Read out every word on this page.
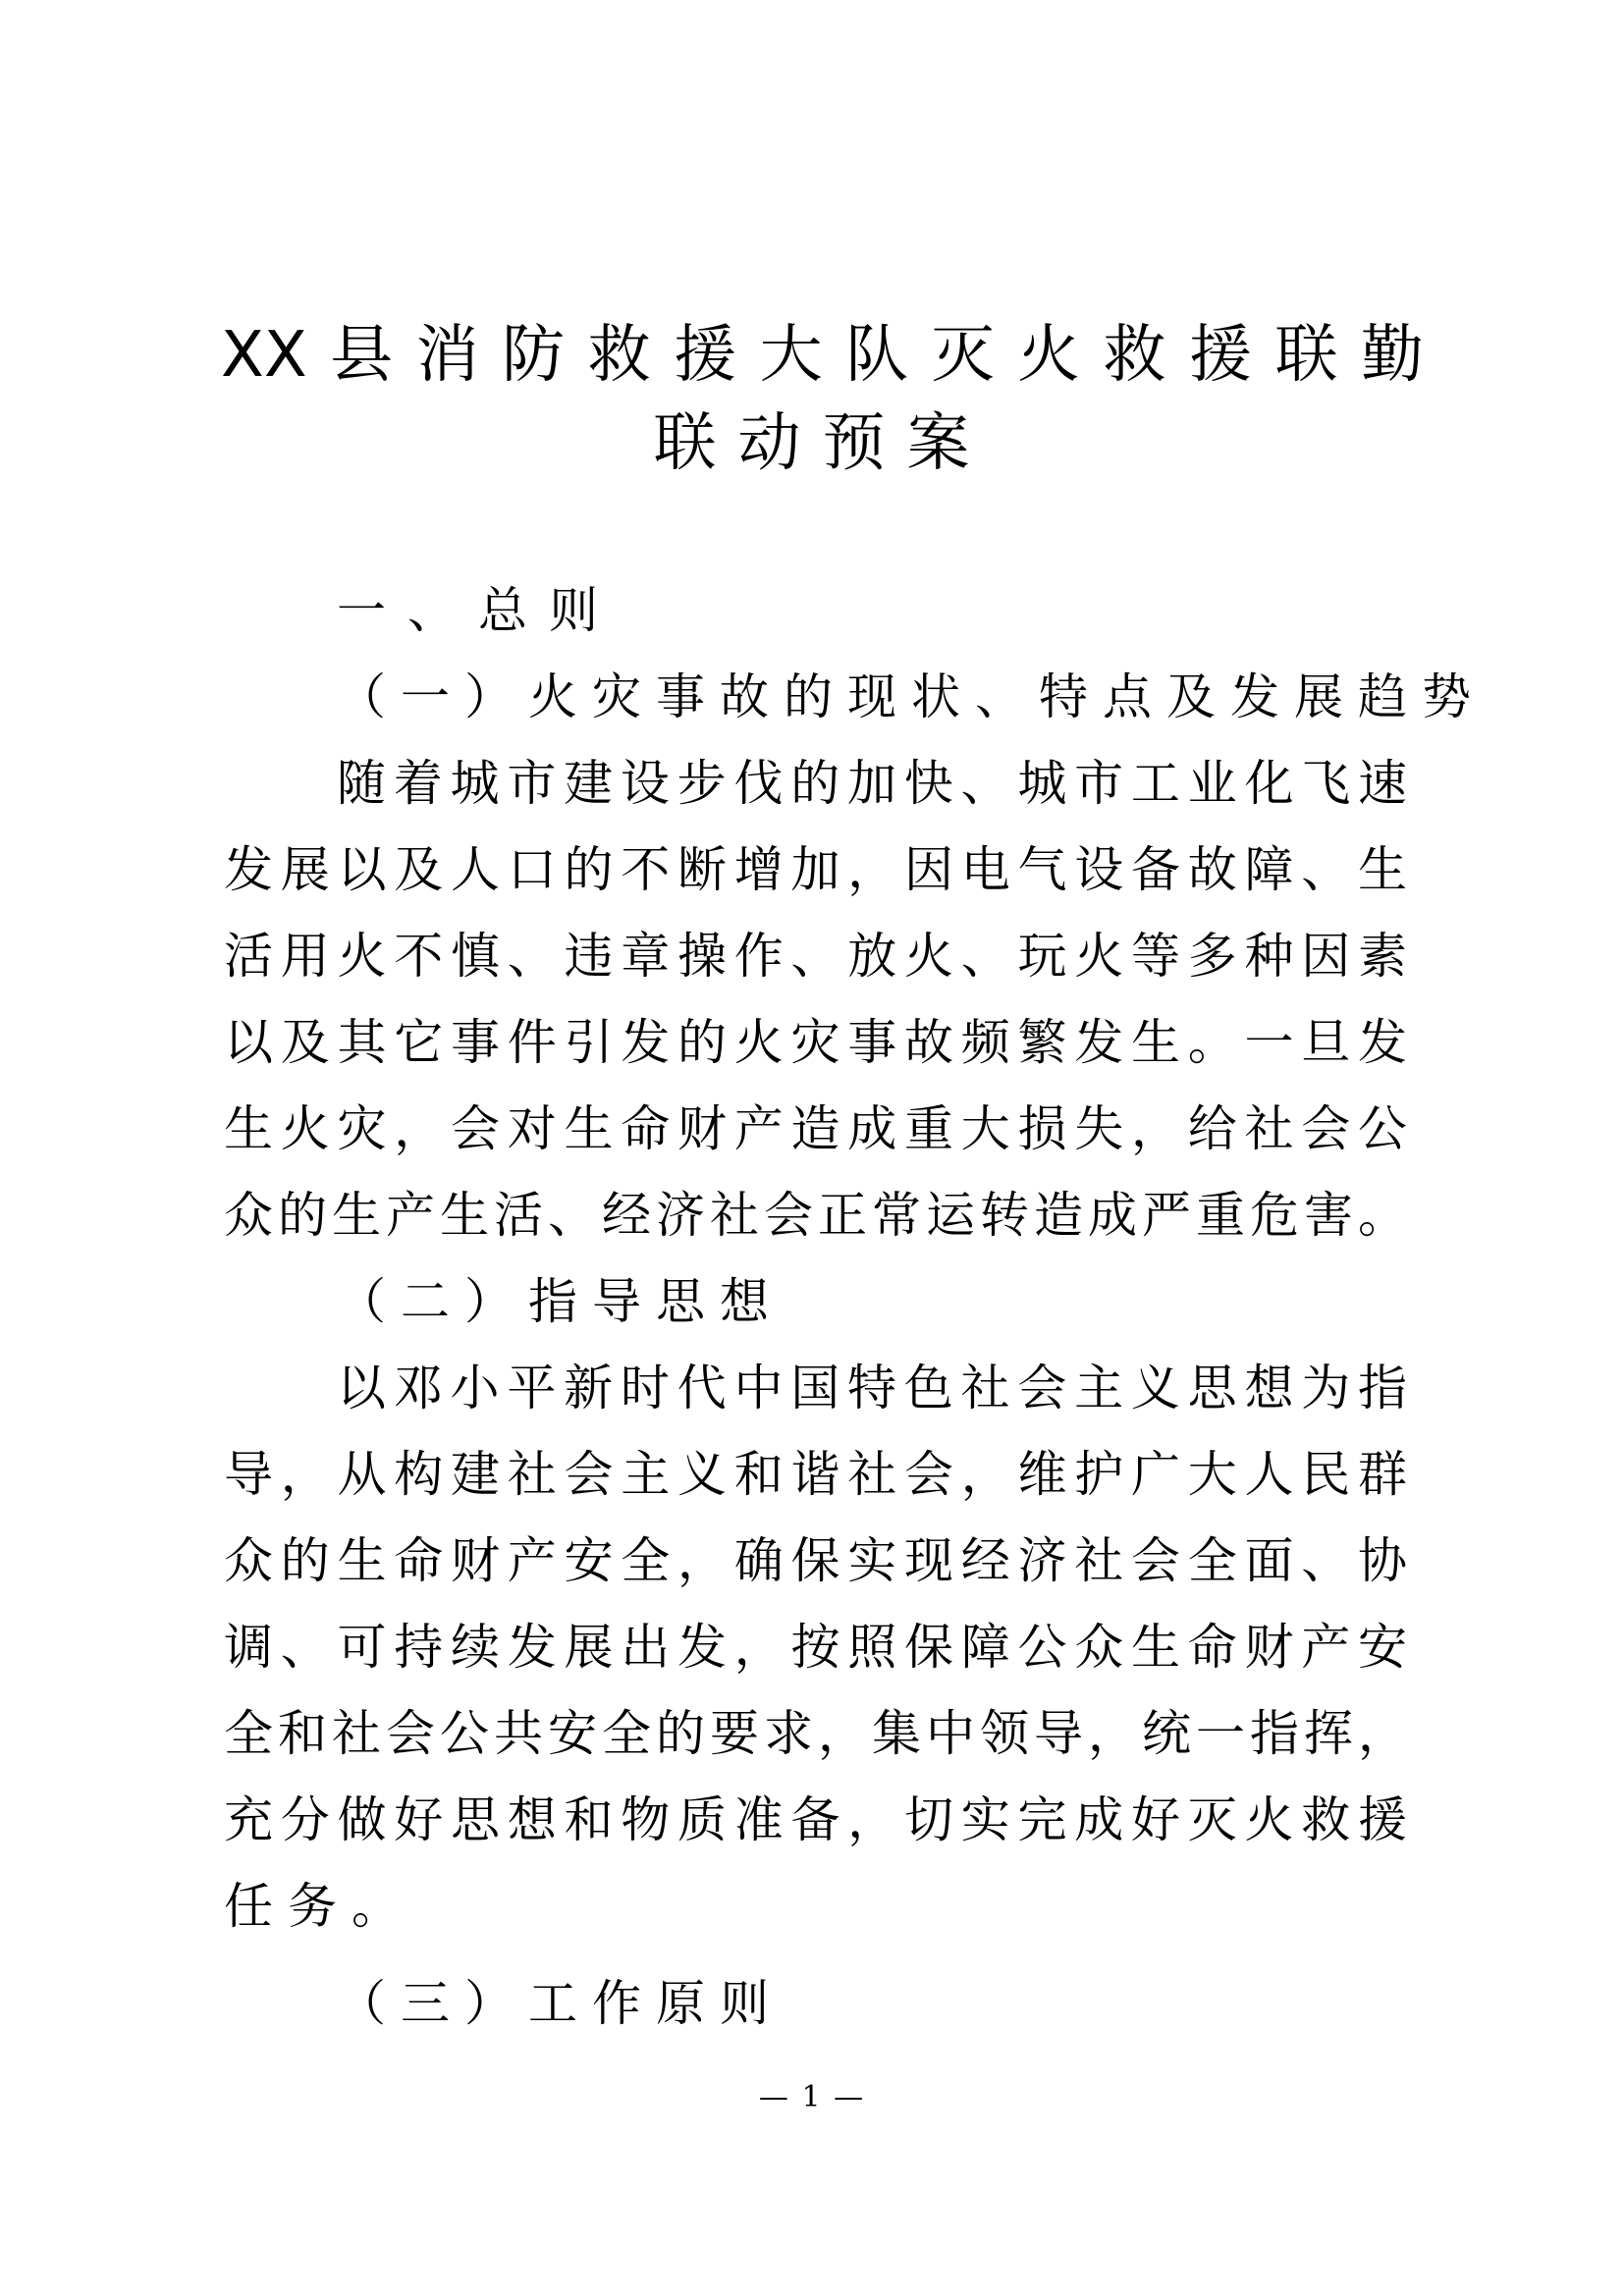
XX县消防救援大队灭火救援联勤
联动预案

一、总则

（一）火灾事故的现状、特点及发展趋势

随着城市建设步伐的加快、城市工业化飞速

发展以及人口的不断增加，因电气设备故障、生

活用火不慎、违章操作、放火、玩火等多种因素

以及其它事件引发的火灾事故频繁发生。一旦发

生火灾，会对生命财产造成重大损失，给社会公

众的生产生活、经济社会正常运转造成严重危害。

（二）指导思想

以邓小平新时代中国特色社会主义思想为指

导，从构建社会主义和谐社会，维护广大人民群

众的生命财产安全，确保实现经济社会全面、协

调、可持续发展出发，按照保障公众生命财产安

全和社会公共安全的要求，集中领导，统一指挥，

充分做好思想和物质准备，切实完成好灭火救援

任务。

（三）工作原则

— 1 —
